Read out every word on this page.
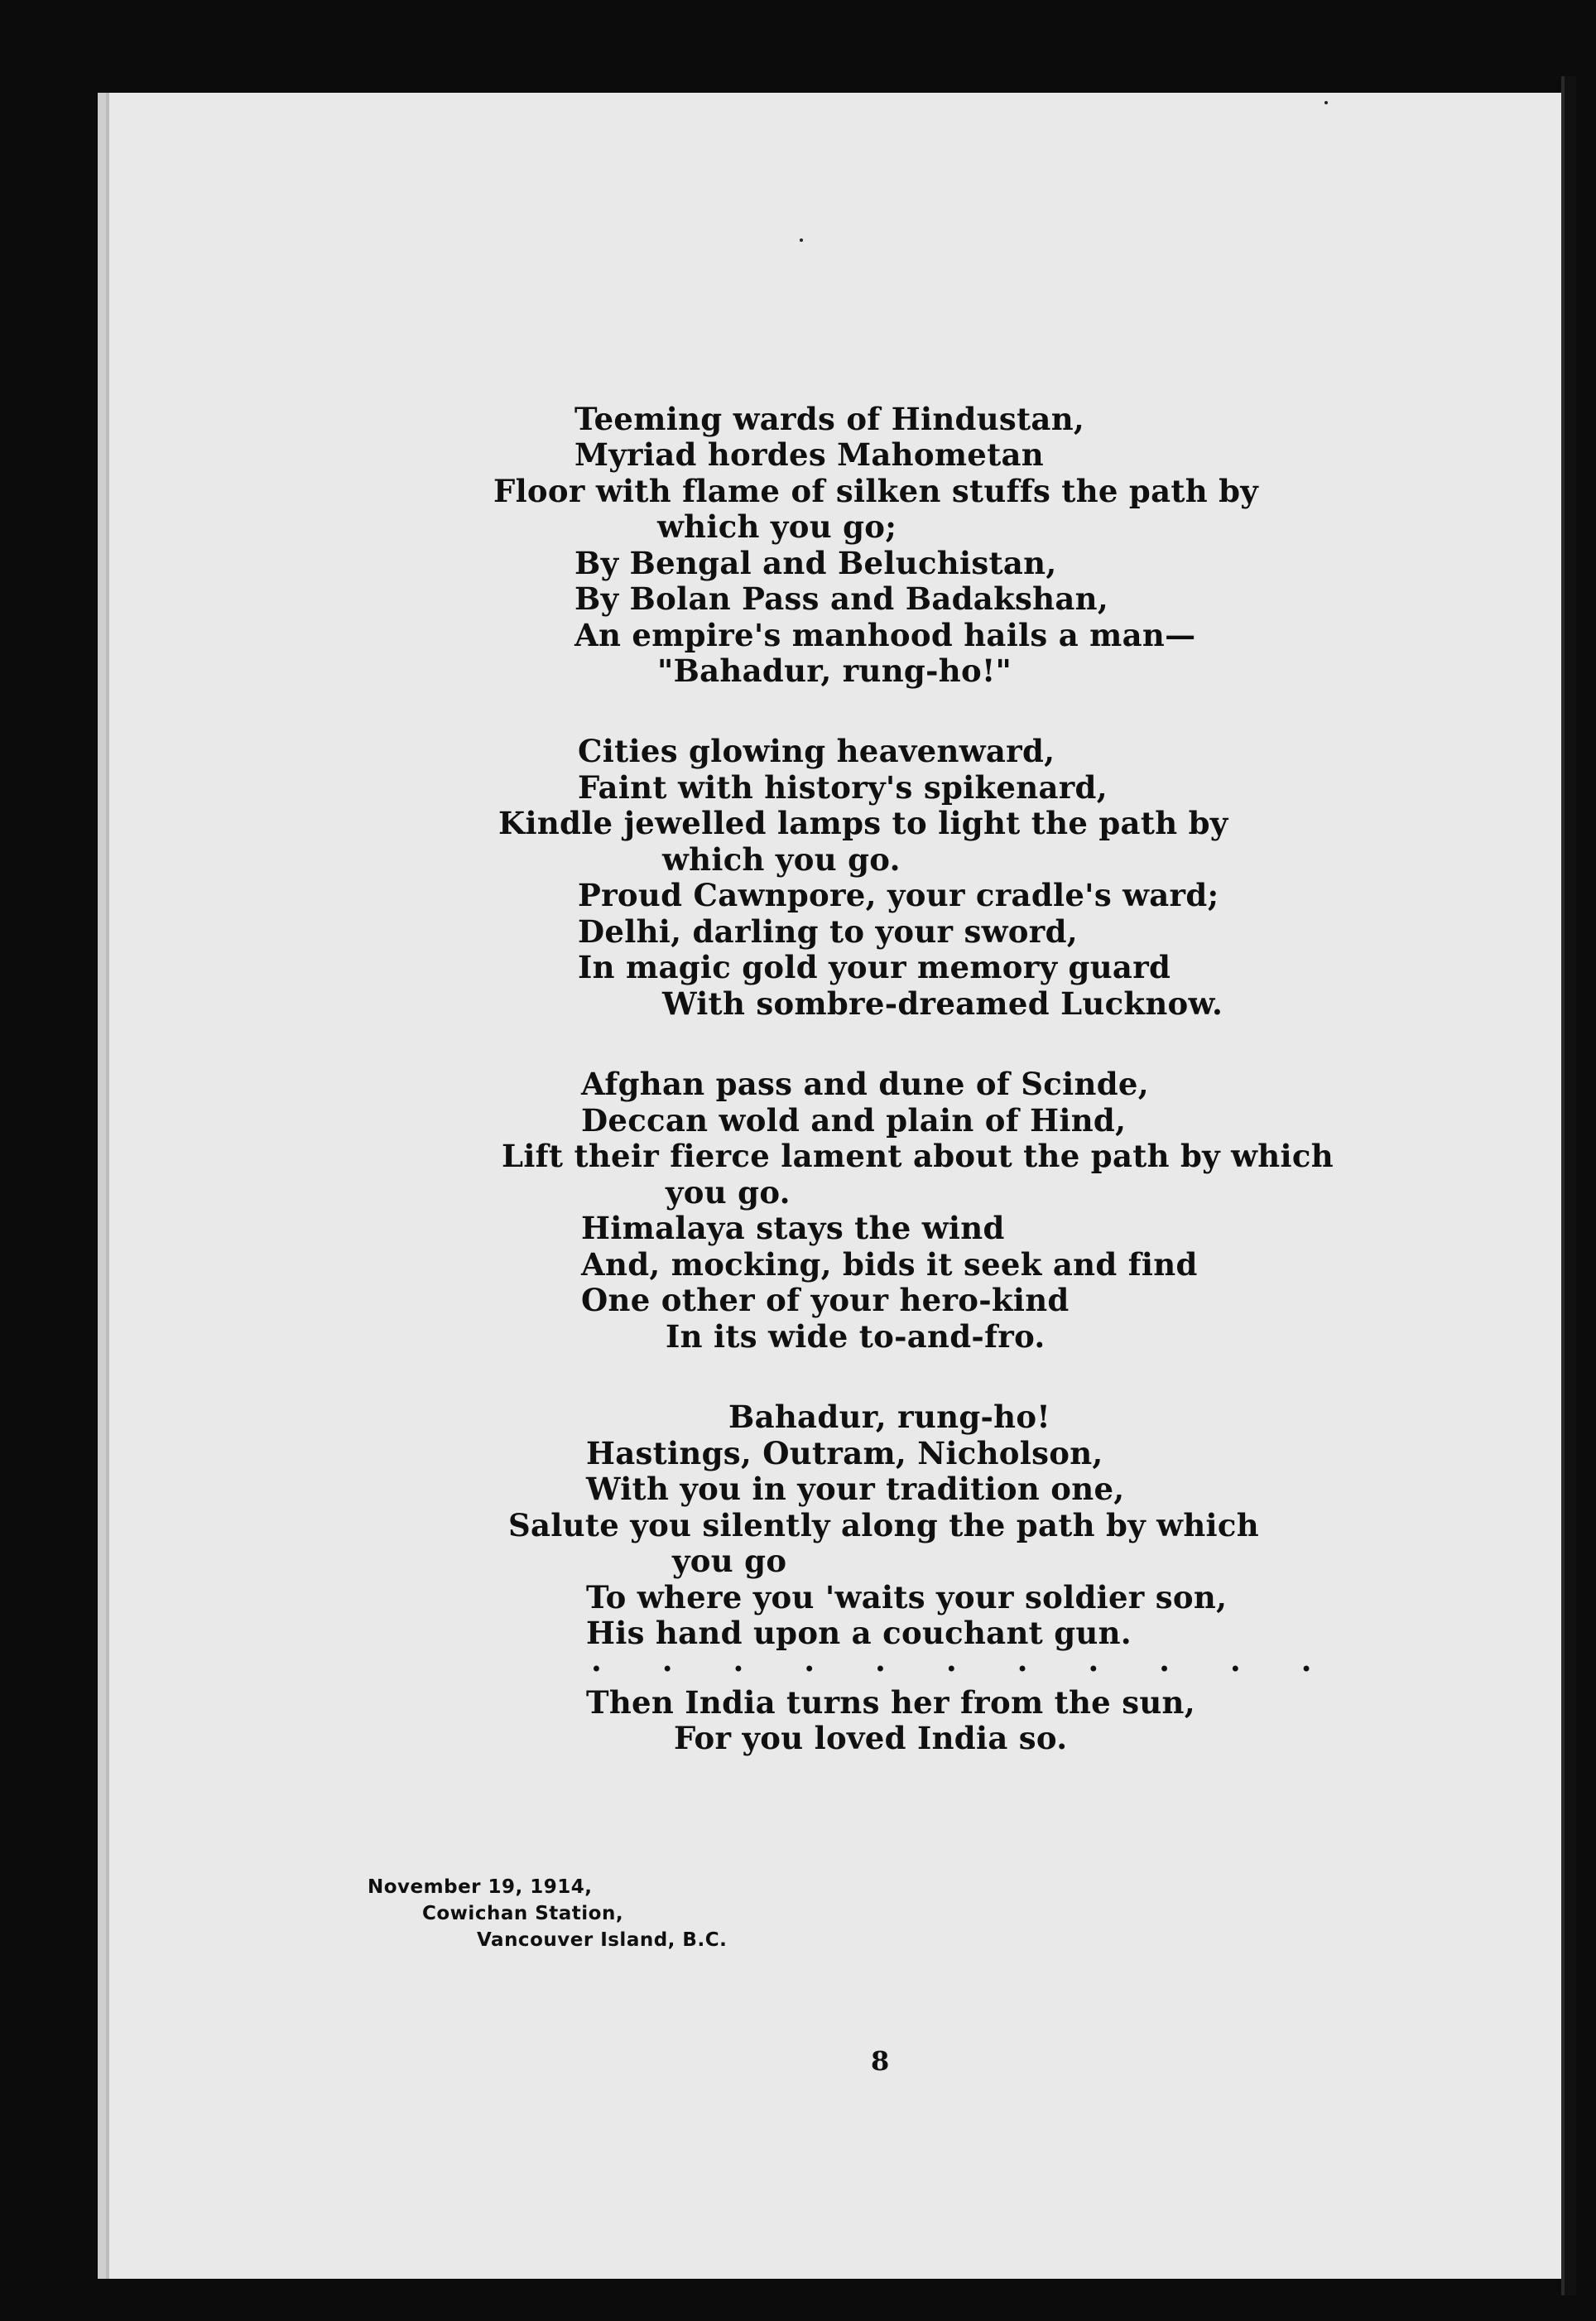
Teeming wards of Hindustan,
Myriad hordes Mahometan
Floor with flame of silken stuffs the path by
which you go;
By Bengal and Beluchistan,
By Bolan Pass and Badakshan,
An empire's manhood hails a man—
"Bahadur, rung-ho!"
Cities glowing heavenward,
Faint with history's spikenard,
Kindle jewelled lamps to light the path by
which you go.
Proud Cawnpore, your cradle's ward;
Delhi, darling to your sword,
In magic gold your memory guard
With sombre-dreamed Lucknow.
Afghan pass and dune of Scinde,
Deccan wold and plain of Hind,
Lift their fierce lament about the path by which
you go.
Himalaya stays the wind
And, mocking, bids it seek and find
One other of your hero-kind
In its wide to-and-fro.
Bahadur, rung-ho!
Hastings, Outram, Nicholson,
With you in your tradition one,
Salute you silently along the path by which
you go
To where you 'waits your soldier son,
His hand upon a couchant gun.
. . . . . . . . . . .
Then India turns her from the sun,
For you loved India so.
November 19, 1914,
Cowichan Station,
Vancouver Island, B.C.
8
